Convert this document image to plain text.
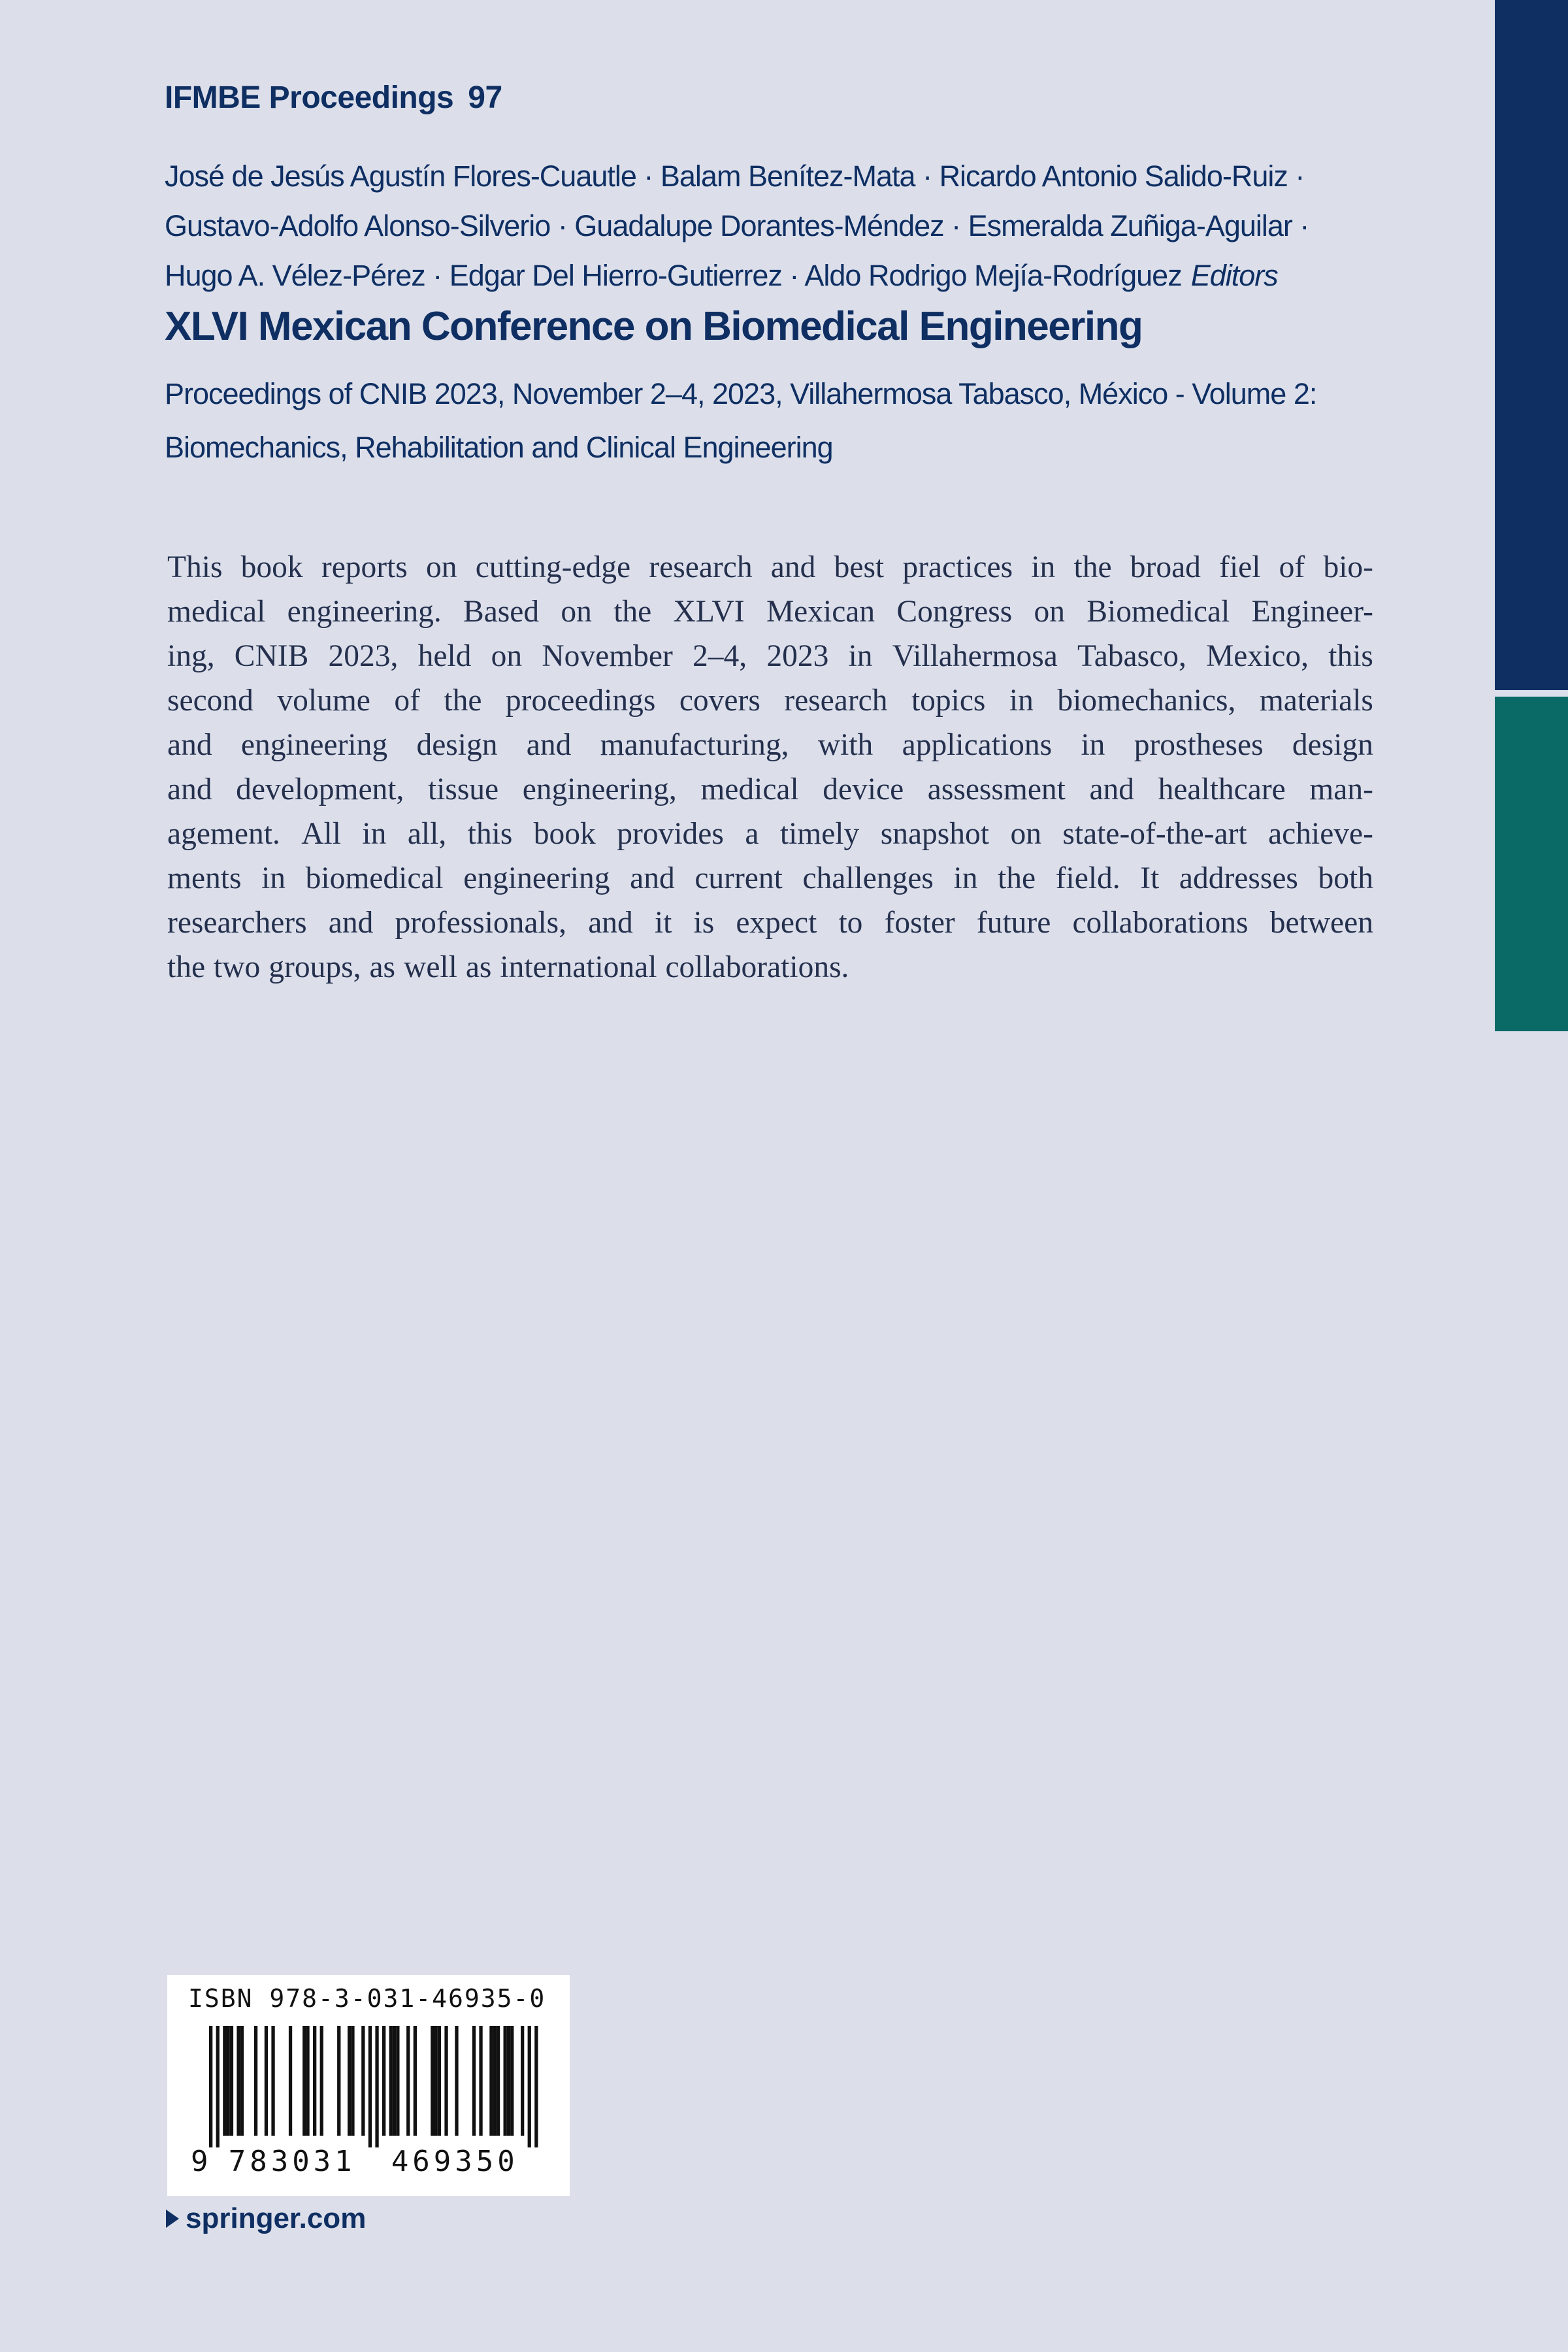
IFMBE Proceedings 97
José de Jesús Agustín Flores-Cuautle · Balam Benítez-Mata · Ricardo Antonio Salido-Ruiz ·
Gustavo-Adolfo Alonso-Silverio · Guadalupe Dorantes-Méndez · Esmeralda Zuñiga-Aguilar ·
Hugo A. Vélez-Pérez · Edgar Del Hierro-Gutierrez · Aldo Rodrigo Mejía-Rodríguez Editors
XLVI Mexican Conference on Biomedical Engineering
Proceedings of CNIB 2023, November 2–4, 2023, Villahermosa Tabasco, México - Volume 2:
Biomechanics, Rehabilitation and Clinical Engineering
This book reports on cutting-edge research and best practices in the broad fiel of bio-
medical engineering. Based on the XLVI Mexican Congress on Biomedical Engineer-
ing, CNIB 2023, held on November 2–4, 2023 in Villahermosa Tabasco, Mexico, this
second volume of the proceedings covers research topics in biomechanics, materials
and engineering design and manufacturing, with applications in prostheses design
and development, tissue engineering, medical device assessment and healthcare man-
agement. All in all, this book provides a timely snapshot on state-of-the-art achieve-
ments in biomedical engineering and current challenges in the field. It addresses both
researchers and professionals, and it is expect to foster future collaborations between
the two groups, as well as international collaborations.
ISBN 978-3-031-46935-0
9 783031 469350
springer.com
